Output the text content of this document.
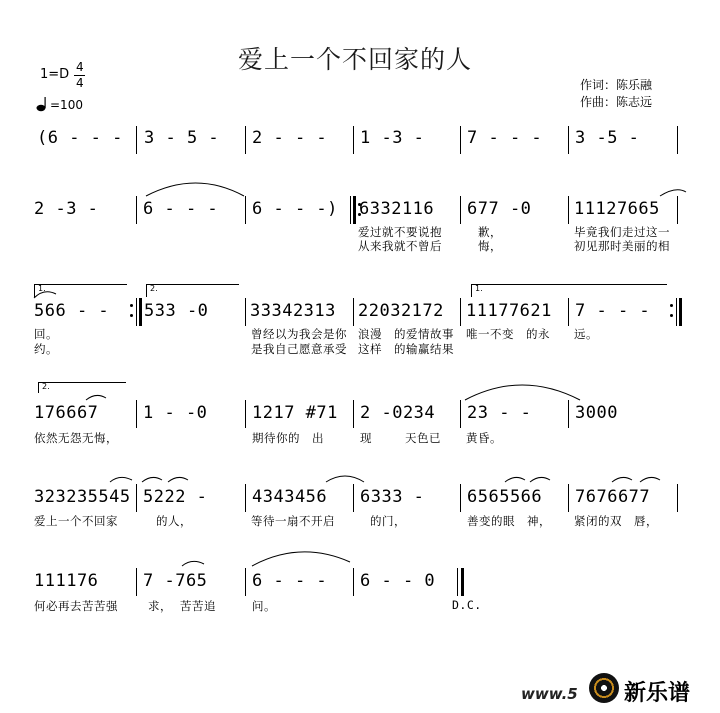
爱上一个不回家的人
1=D 4
4
=100
作词：陈乐融
作曲：陈志远
(6 - - - 3 - 5 - 2 - - - 1 -3 -	7 - - - 3 -5 -
2 -3 -	6 - - - 6 - - -) 6332116 677 -0	11127665
爱过就不要说抱	歉，	毕竟我们走过这一
从来我就不曾后	悔，	初见那时美丽的相
1.	2.	1.
566 - - 533 -0 33342313 22032172 11177621 7 - - -
回。	曾经以为我会是你 浪漫　的爱情故事 唯一不变　的永 远。
约。	是我自己愿意承受 这样　的输赢结果
2.
176667	1 - -0	1217 #71 2 -0234 23 - -	3000
依然无怨无悔，	期待你的　出	现	天色已 黄昏。
323235545 5222 -	4343456 6333 -	6565566 7676677
爱上一个不回家	的人，	等待一扇不开启	的门，	善变的眼　神， 紧闭的双　唇，
111176	7 -765	6 - - - 6 - - 0
何必再去苦苦强	求， 苦苦追	问。	D.C.
www.5 新乐谱
